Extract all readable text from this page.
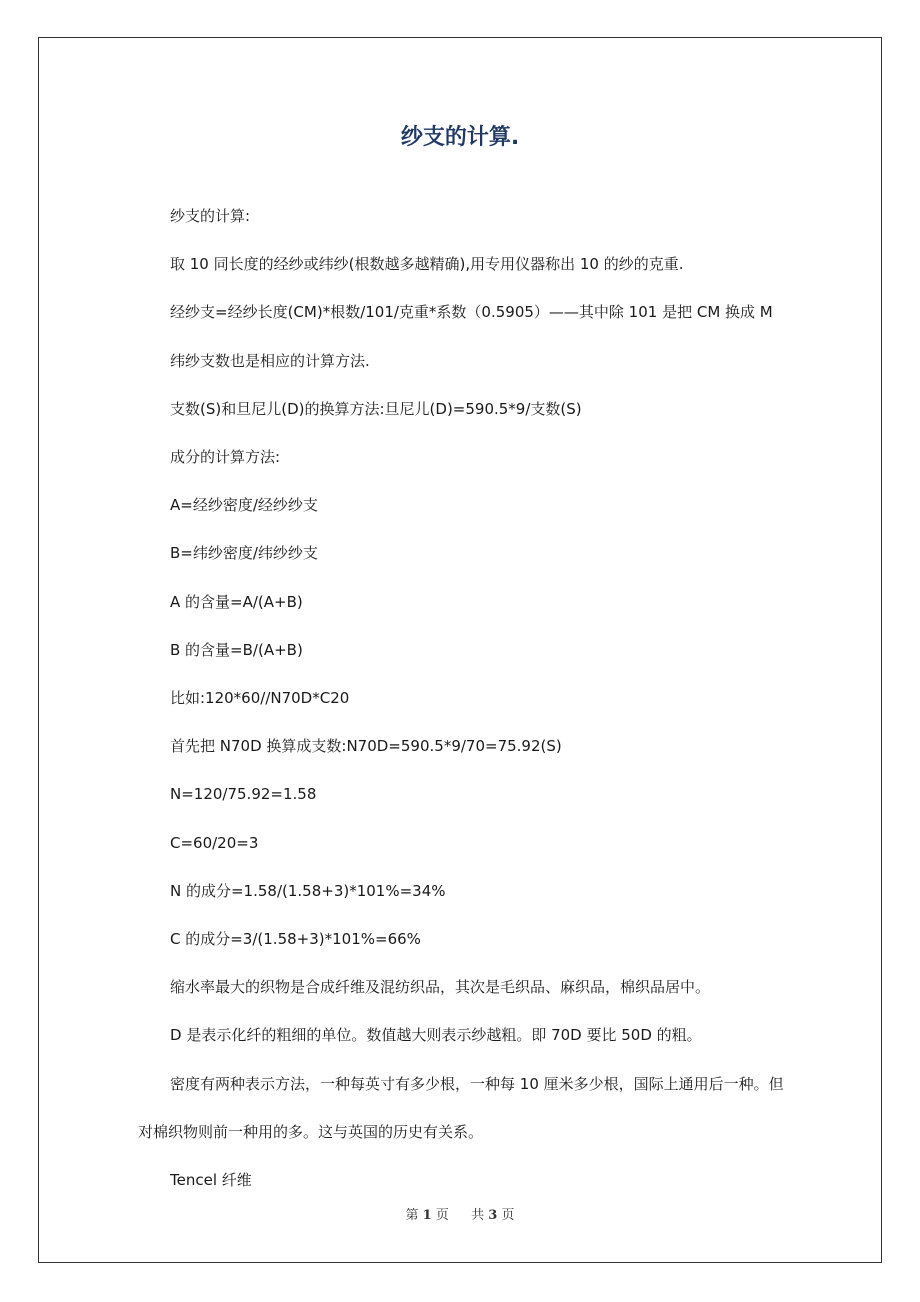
纱支的计算.

纱支的计算:

取 10 同长度的经纱或纬纱(根数越多越精确),用专用仪器称出 10 的纱的克重.

经纱支=经纱长度(CM)*根数/101/克重*系数（0.5905）——其中除 101 是把 CM 换成 M

纬纱支数也是相应的计算方法.

支数(S)和旦尼儿(D)的换算方法:旦尼儿(D)=590.5*9/支数(S)

成分的计算方法:

A=经纱密度/经纱纱支

B=纬纱密度/纬纱纱支

A 的含量=A/(A+B)

B 的含量=B/(A+B)

比如:120*60//N70D*C20

首先把 N70D 换算成支数:N70D=590.5*9/70=75.92(S)

N=120/75.92=1.58

C=60/20=3

N 的成分=1.58/(1.58+3)*101%=34%

C 的成分=3/(1.58+3)*101%=66%

缩水率最大的织物是合成纤维及混纺织品，其次是毛织品、麻织品，棉织品居中。

D 是表示化纤的粗细的单位。数值越大则表示纱越粗。即 70D 要比 50D 的粗。

密度有两种表示方法，一种每英寸有多少根，一种每 10 厘米多少根，国际上通用后一种。但对棉织物则前一种用的多。这与英国的历史有关系。

Tencel 纤维

第 1 页 共 3 页
